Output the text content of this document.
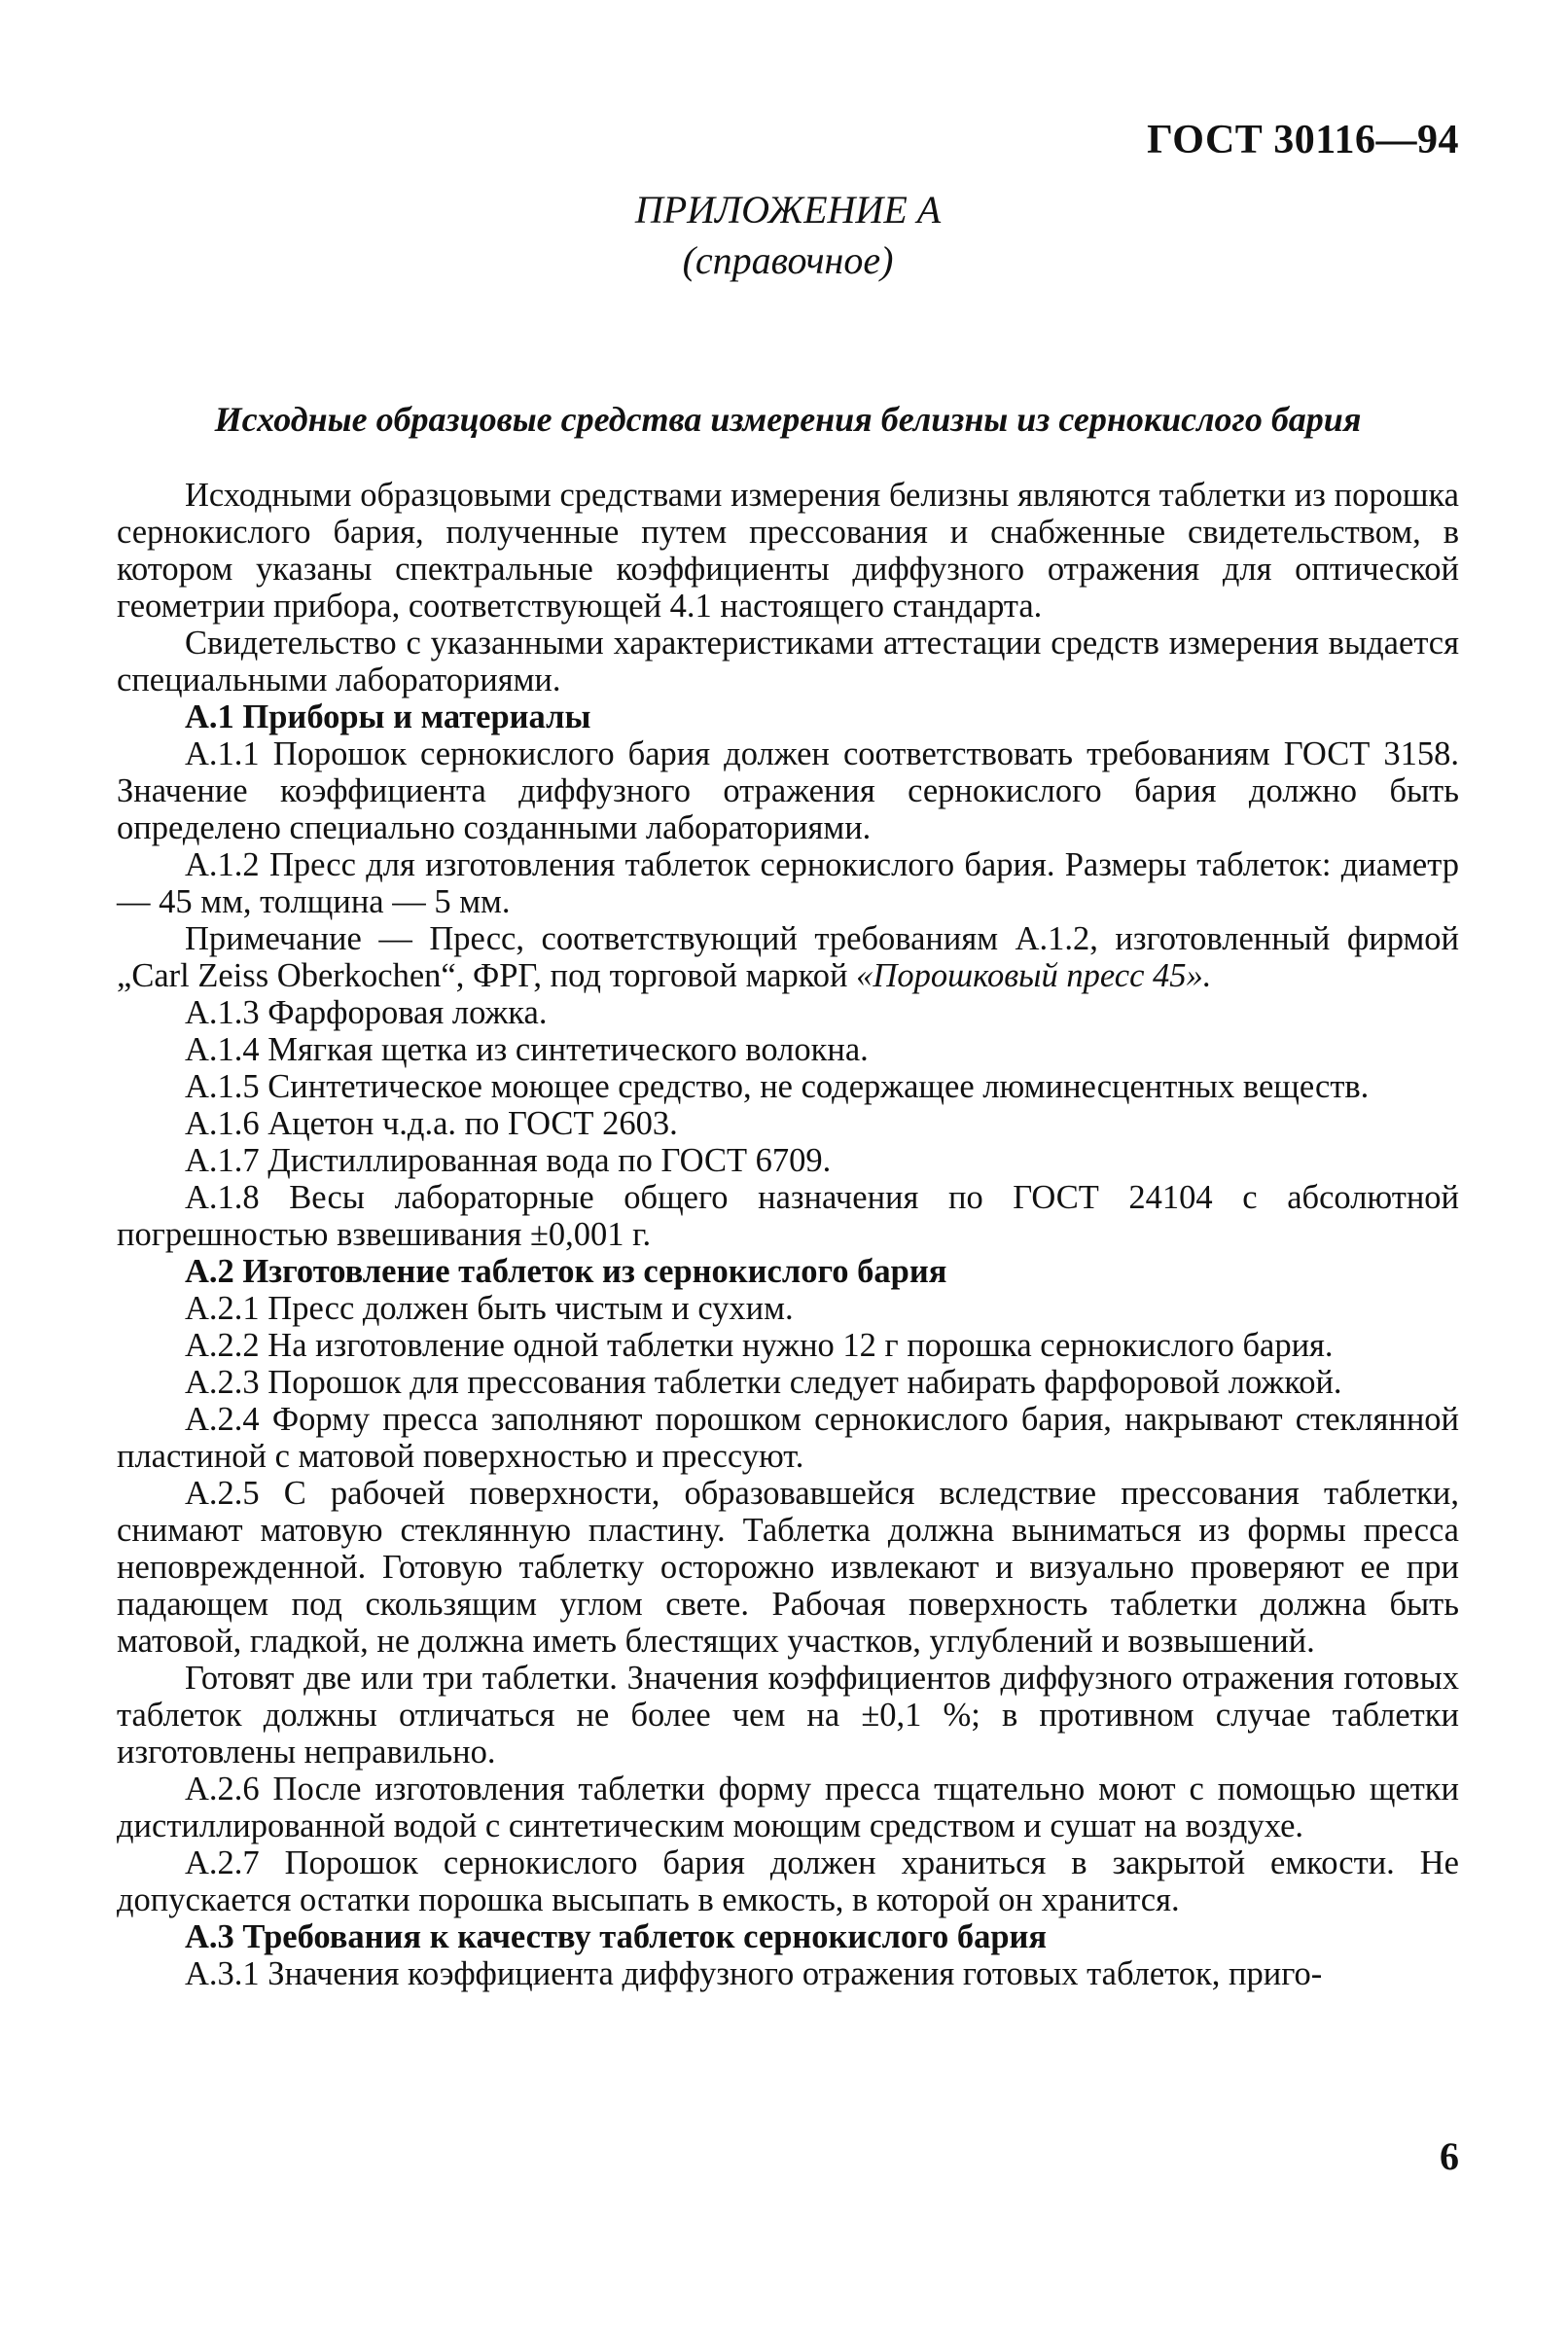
ГОСТ 30116—94
ПРИЛОЖЕНИЕ А
(справочное)
Исходные образцовые средства измерения белизны из сернокислого бария

Исходными образцовыми средствами измерения белизны являются таблетки из порошка сернокислого бария, полученные путем прессования и снабженные свидетельством, в котором указаны спектральные коэффициенты диффузного отражения для оптической геометрии прибора, соответствующей 4.1 настоящего стандарта.

Свидетельство с указанными характеристиками аттестации средств измерения выдается специальными лабораториями.

А.1 Приборы и материалы

А.1.1 Порошок сернокислого бария должен соответствовать требованиям ГОСТ 3158. Значение коэффициента диффузного отражения сернокислого бария должно быть определено специально созданными лабораториями.

А.1.2 Пресс для изготовления таблеток сернокислого бария. Размеры таблеток: диаметр — 45 мм, толщина — 5 мм.

Примечание — Пресс, соответствующий требованиям А.1.2, изготовленный фирмой „Carl Zeiss Oberkochen“, ФРГ, под торговой маркой «Порошковый пресс 45».

А.1.3 Фарфоровая ложка.

А.1.4 Мягкая щетка из синтетического волокна.

А.1.5 Синтетическое моющее средство, не содержащее люминесцентных веществ.

А.1.6 Ацетон ч.д.а. по ГОСТ 2603.

А.1.7 Дистиллированная вода по ГОСТ 6709.

А.1.8 Весы лабораторные общего назначения по ГОСТ 24104 с абсолютной погрешностью взвешивания ±0,001 г.

А.2 Изготовление таблеток из сернокислого бария

А.2.1 Пресс должен быть чистым и сухим.

А.2.2 На изготовление одной таблетки нужно 12 г порошка сернокислого бария.

А.2.3 Порошок для прессования таблетки следует набирать фарфоровой ложкой.

А.2.4 Форму пресса заполняют порошком сернокислого бария, накрывают стеклянной пластиной с матовой поверхностью и прессуют.

А.2.5 С рабочей поверхности, образовавшейся вследствие прессования таблетки, снимают матовую стеклянную пластину. Таблетка должна выниматься из формы пресса неповрежденной. Готовую таблетку осторожно извлекают и визуально проверяют ее при падающем под скользящим углом свете. Рабочая поверхность таблетки должна быть матовой, гладкой, не должна иметь блестящих участков, углублений и возвышений.

Готовят две или три таблетки. Значения коэффициентов диффузного отражения готовых таблеток должны отличаться не более чем на ±0,1 %; в противном случае таблетки изготовлены неправильно.

А.2.6 После изготовления таблетки форму пресса тщательно моют с помощью щетки дистиллированной водой с синтетическим моющим средством и сушат на воздухе.

А.2.7 Порошок сернокислого бария должен храниться в закрытой емкости. Не допускается остатки порошка высыпать в емкость, в которой он хранится.

А.3 Требования к качеству таблеток сернокислого бария

А.3.1 Значения коэффициента диффузного отражения готовых таблеток, приго-

6
